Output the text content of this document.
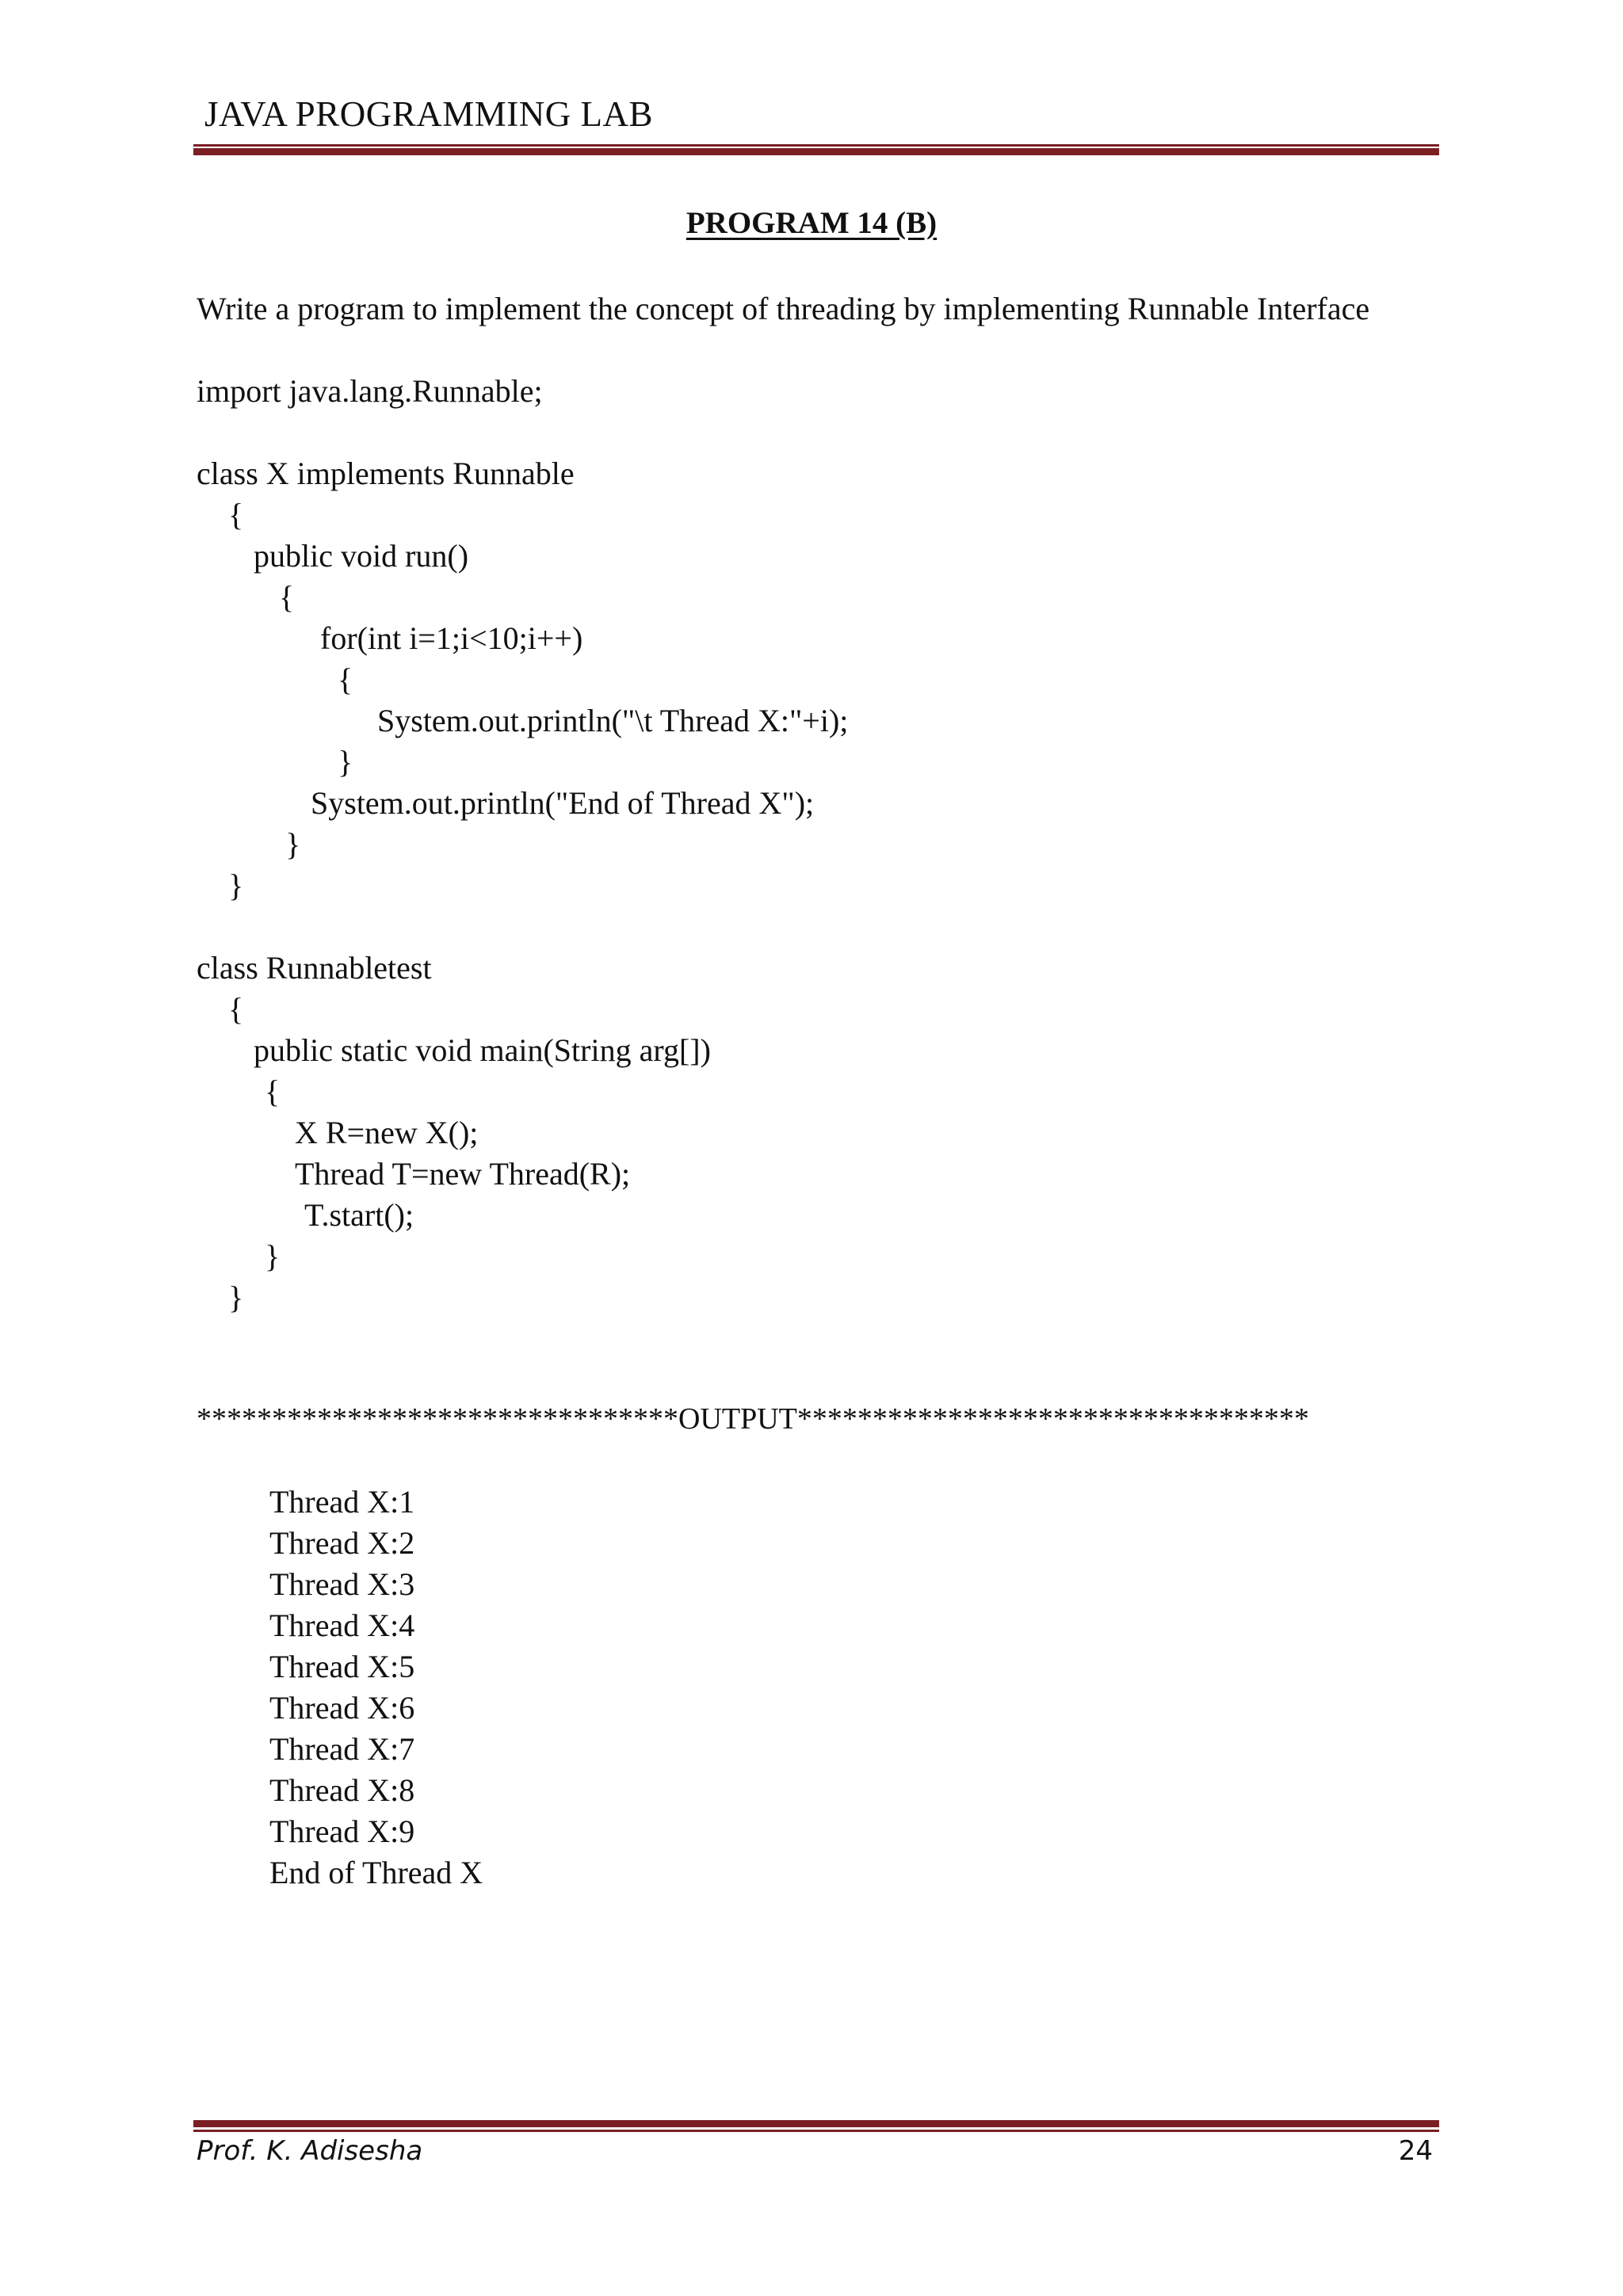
JAVA PROGRAMMING LAB
PROGRAM 14 (B)
Write a program to implement the concept of threading by implementing Runnable Interface
import java.lang.Runnable;
class X implements Runnable
{
public void run()
{
for(int i=1;i<10;i++)
{
System.out.println("\t Thread X:"+i);
}
System.out.println("End of Thread X");
}
}
class Runnabletest
{
public static void main(String arg[])
{
X R=new X();
Thread T=new Thread(R);
T.start();
}
}
********************************OUTPUT**********************************
Thread X:1
Thread X:2
Thread X:3
Thread X:4
Thread X:5
Thread X:6
Thread X:7
Thread X:8
Thread X:9
End of Thread X
Prof. K. Adisesha	24
